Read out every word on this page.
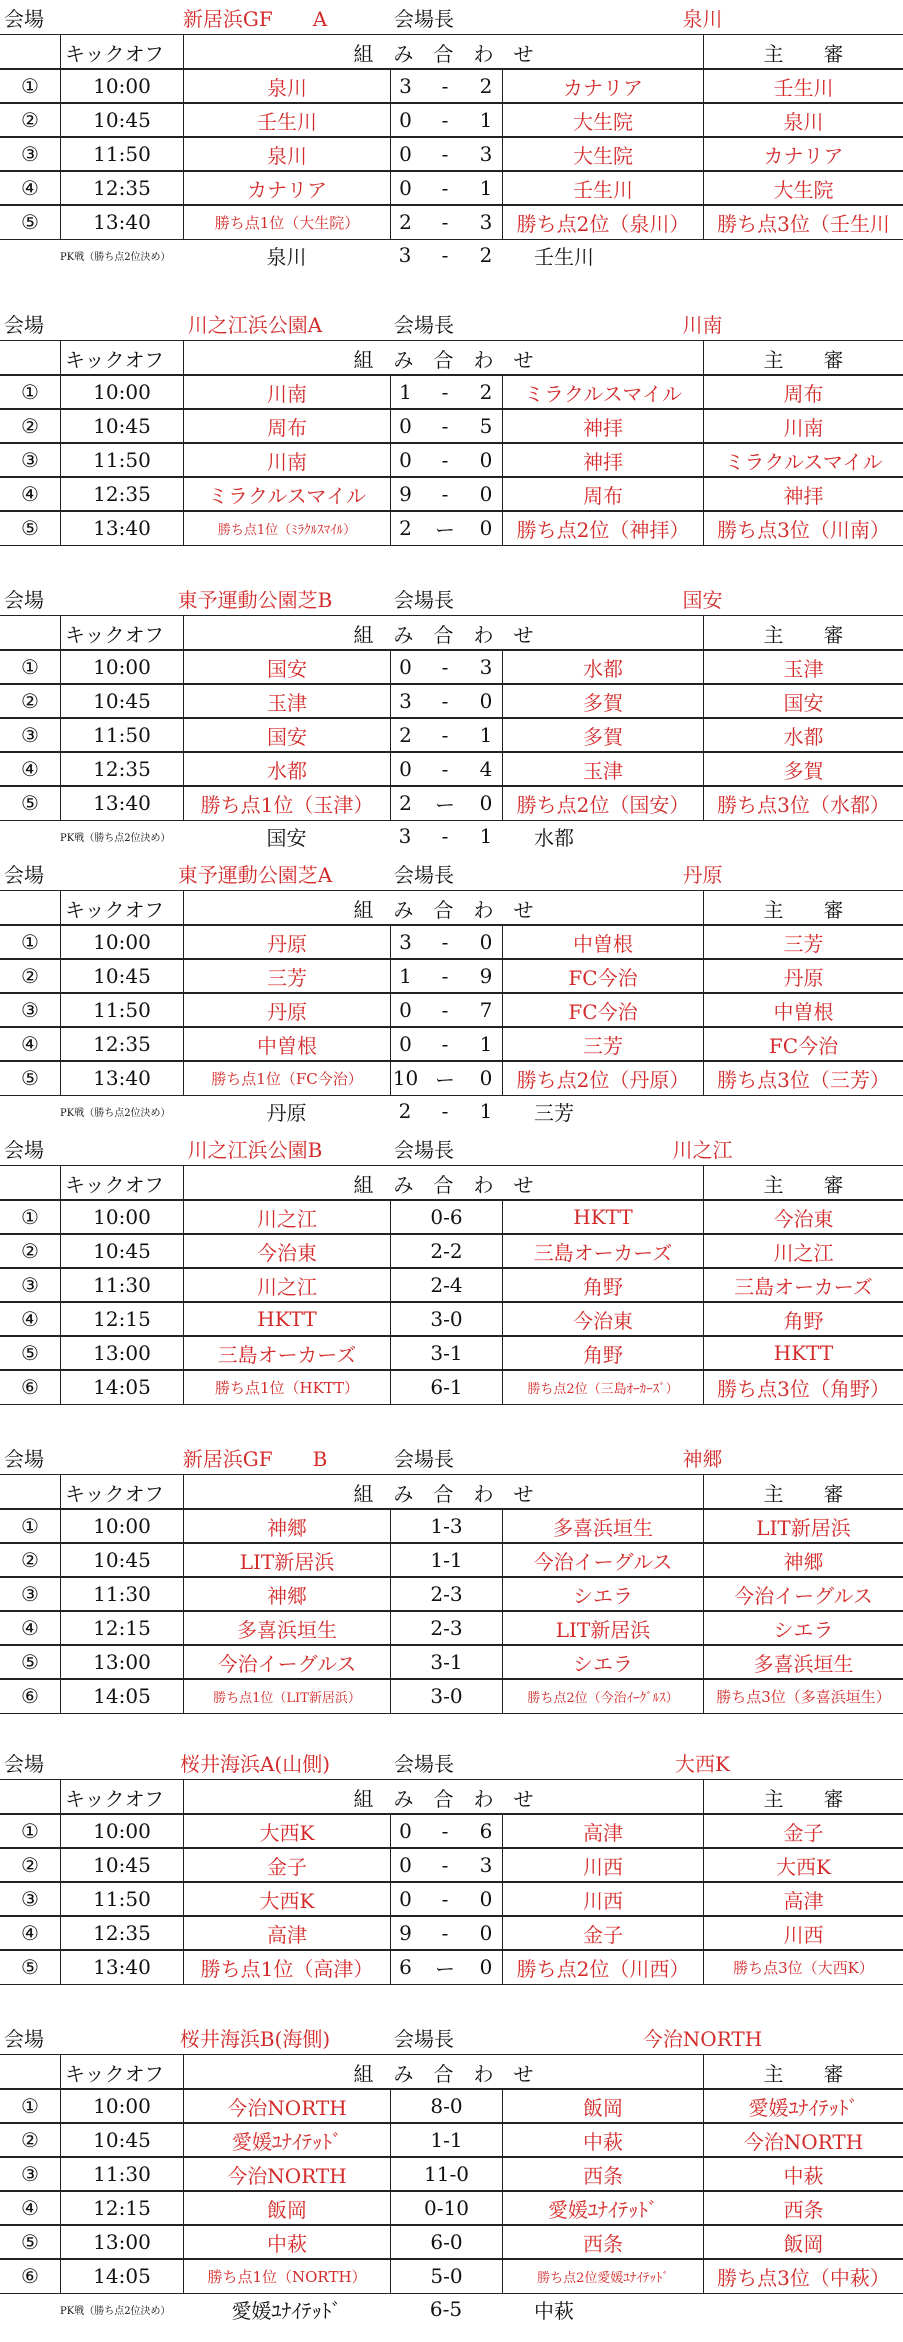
会場	新居浜GF　　A	会場長	泉川
キックオフ	組　み　合　わ　せ	主　　審
①	10:00	泉川	3	-	2	カナリア	壬生川
②	10:45	壬生川	0	-	1	大生院	泉川
③	11:50	泉川	0	-	3	大生院	カナリア
④	12:35	カナリア	0	-	1	壬生川	大生院
⑤	13:40	勝ち点1位（大生院）	2	-	3	勝ち点2位（泉川）	勝ち点3位（壬生川
PK戦（勝ち点2位決め）	泉川	3	-	2	壬生川
会場	川之江浜公園A	会場長	川南
キックオフ	組　み　合　わ　せ	主　　審
①	10:00	川南	1	-	2	ミラクルスマイル	周布
②	10:45	周布	0	-	5	神拝	川南
③	11:50	川南	0	-	0	神拝	ミラクルスマイル
④	12:35	ミラクルスマイル	9	-	0	周布	神拝
⑤	13:40	勝ち点1位（ﾐﾗｸﾙｽﾏｲﾙ）	2	ー	0	勝ち点2位（神拝）	勝ち点3位（川南）
会場	東予運動公園芝B	会場長	国安
キックオフ	組　み　合　わ　せ	主　　審
①	10:00	国安	0	-	3	水都	玉津
②	10:45	玉津	3	-	0	多賀	国安
③	11:50	国安	2	-	1	多賀	水都
④	12:35	水都	0	-	4	玉津	多賀
⑤	13:40	勝ち点1位（玉津）	2	ー	0	勝ち点2位（国安）	勝ち点3位（水都）
PK戦（勝ち点2位決め）	国安	3	-	1	水都
会場	東予運動公園芝A	会場長	丹原
キックオフ	組　み　合　わ　せ	主　　審
①	10:00	丹原	3	-	0	中曽根	三芳
②	10:45	三芳	1	-	9	FC今治	丹原
③	11:50	丹原	0	-	7	FC今治	中曽根
④	12:35	中曽根	0	-	1	三芳	FC今治
⑤	13:40	勝ち点1位（FC今治）	10 ー	0	勝ち点2位（丹原）	勝ち点3位（三芳）
PK戦（勝ち点2位決め）	丹原	2	-	1	三芳
会場	川之江浜公園B	会場長	川之江
キックオフ	組　み　合　わ　せ	主　　審
①	10:00	川之江	0-6	HKTT	今治東
②	10:45	今治東	2-2	三島オーカーズ	川之江
③	11:30	川之江	2-4	角野	三島オーカーズ
④	12:15	HKTT	3-0	今治東	角野
⑤	13:00	三島オーカーズ	3-1	角野	HKTT
⑥	14:05	勝ち点1位（HKTT）	6-1	勝ち点2位（三島ｵｰｶｰｽﾞ）	勝ち点3位（角野）
会場	新居浜GF　　B	会場長	神郷
キックオフ	組　み　合　わ　せ	主　　審
①	10:00	神郷	1-3	多喜浜垣生	LIT新居浜
②	10:45	LIT新居浜	1-1	今治イーグルス	神郷
③	11:30	神郷	2-3	シエラ	今治イーグルス
④	12:15	多喜浜垣生	2-3	LIT新居浜	シエラ
⑤	13:00	今治イーグルス	3-1	シエラ	多喜浜垣生
⑥	14:05	勝ち点1位（LIT新居浜）	3-0	勝ち点2位（今治ｲｰｸﾞﾙｽ）	勝ち点3位（多喜浜垣生）
会場	桜井海浜A(山側)	会場長	大西K
キックオフ	組　み　合　わ　せ	主　　審
①	10:00	大西K	0	-	6	高津	金子
②	10:45	金子	0	-	3	川西	大西K
③	11:50	大西K	0	-	0	川西	高津
④	12:35	高津	9	-	0	金子	川西
⑤	13:40	勝ち点1位（高津）	6	ー	0	勝ち点2位（川西）	勝ち点3位（大西K）
会場	桜井海浜B(海側)	会場長	今治NORTH
キックオフ	組　み　合　わ　せ	主　　審
①	10:00	今治NORTH	8-0	飯岡	愛媛ﾕﾅｲﾃｯﾄﾞ
②	10:45	愛媛ﾕﾅｲﾃｯﾄﾞ	1-1	中萩	今治NORTH
③	11:30	今治NORTH	11-0	西条	中萩
④	12:15	飯岡	0-10	愛媛ﾕﾅｲﾃｯﾄﾞ	西条
⑤	13:00	中萩	6-0	西条	飯岡
⑥	14:05	勝ち点1位（NORTH）	5-0	勝ち点2位愛媛ﾕﾅｲﾃｯﾄﾞ	勝ち点3位（中萩）
PK戦（勝ち点2位決め）	愛媛ﾕﾅｲﾃｯﾄﾞ	6-5	中萩
